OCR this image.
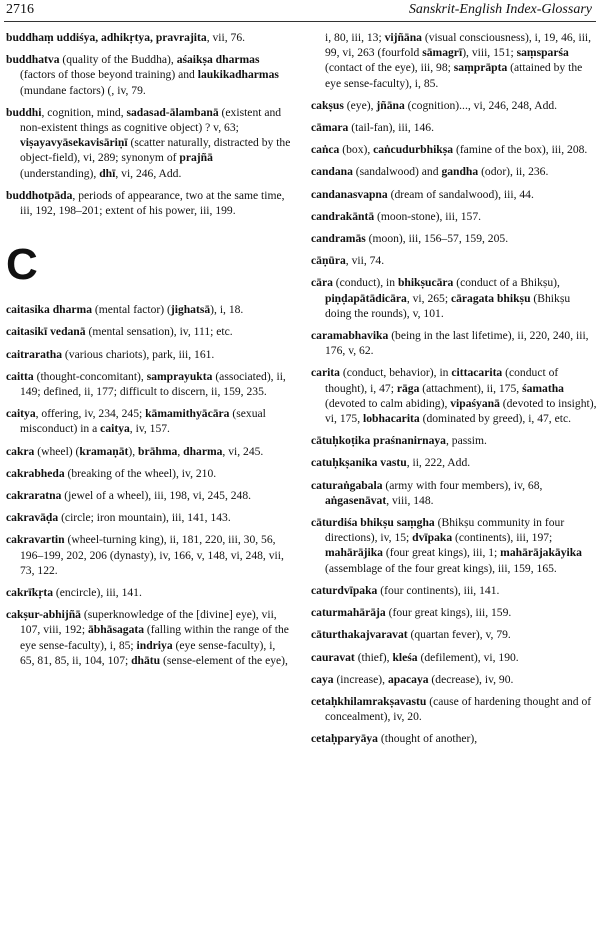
2716	Sanskrit-English Index-Glossary
buddhaṃ uddiśya, adhikṛtya, pravrajita, vii, 76.
buddhatva (quality of the Buddha), aśaikṣa dharmas (factors of those beyond training) and laukikadharmas (mundane factors) (, iv, 79.
buddhi, cognition, mind, sadasad-ālambanā (existent and non-existent things as cognitive object) ? v, 63; viṣayavyāsekavisāriṇī (scatter naturally, distracted by the object-field), vi, 289; synonym of prajñā (understanding), dhī, vi, 246, Add.
buddhotpāda, periods of appearance, two at the same time, iii, 192, 198–201; extent of his power, iii, 199.
C
caitasika dharma (mental factor) (jighatsā), i, 18.
caitasikī vedanā (mental sensation), iv, 111; etc.
caitraratha (various chariots), park, iii, 161.
caitta (thought-concomitant), samprayukta (associated), ii, 149; defined, ii, 177; difficult to discern, ii, 159, 235.
caitya, offering, iv, 234, 245; kāmamithyācāra (sexual misconduct) in a caitya, iv, 157.
cakra (wheel) (kramaṇāt), brāhma, dharma, vi, 245.
cakrabheda (breaking of the wheel), iv, 210.
cakraratna (jewel of a wheel), iii, 198, vi, 245, 248.
cakravāḍa (circle; iron mountain), iii, 141, 143.
cakravartin (wheel-turning king), ii, 181, 220, iii, 30, 56, 196–199, 202, 206 (dynasty), iv, 166, v, 148, vi, 248, vii, 73, 122.
cakrīkṛta (encircle), iii, 141.
cakṣur-abhijñā (superknowledge of the [divine] eye), vii, 107, viii, 192; ābhāsagata (falling within the range of the eye sense-faculty), i, 85; indriya (eye sense-faculty), i, 65, 81, 85, ii, 104, 107; dhātu (sense-element of the eye),
i, 80, iii, 13; vijñāna (visual consciousness), i, 19, 46, iii, 99, vi, 263 (fourfold sāmagrī), viii, 151; saṃsparśa (contact of the eye), iii, 98; saṃprāpta (attained by the eye sense-faculty), i, 85.
cakṣus (eye), jñāna (cognition)..., vi, 246, 248, Add.
cāmara (tail-fan), iii, 146.
caṅca (box), caṅcudurbhikṣa (famine of the box), iii, 208.
candana (sandalwood) and gandha (odor), ii, 236.
candanasvapna (dream of sandalwood), iii, 44.
candrakāntā (moon-stone), iii, 157.
candramās (moon), iii, 156–57, 159, 205.
cāṇūra, vii, 74.
cāra (conduct), in bhikṣucāra (conduct of a Bhikṣu), piṇḍapātādicāra, vi, 265; cāragata bhikṣu (Bhikṣu doing the rounds), v, 101.
caramabhavika (being in the last lifetime), ii, 220, 240, iii, 176, v, 62.
carita (conduct, behavior), in cittacarita (conduct of thought), i, 47; rāga (attachment), ii, 175, śamatha (devoted to calm abiding), vipaśyanā (devoted to insight), vi, 175, lobhacarita (dominated by greed), i, 47, etc.
cātuḥkoṭika praśnanirnaya, passim.
catuḥkṣanika vastu, ii, 222, Add.
caturaṅgabala (army with four members), iv, 68, aṅgasenāvat, viii, 148.
cāturdiśa bhikṣu saṃgha (Bhikṣu community in four directions), iv, 15; dvīpaka (continents), iii, 197; mahārājika (four great kings), iii, 1; mahārājakāyika (assemblage of the four great kings), iii, 159, 165.
caturdvīpaka (four continents), iii, 141.
caturmahārāja (four great kings), iii, 159.
cāturthakajvaravat (quartan fever), v, 79.
cauravat (thief), kleśa (defilement), vi, 190.
caya (increase), apacaya (decrease), iv, 90.
cetaḥkhilamrakṣavastu (cause of hardening thought and of concealment), iv, 20.
cetaḥparyāya (thought of another),
